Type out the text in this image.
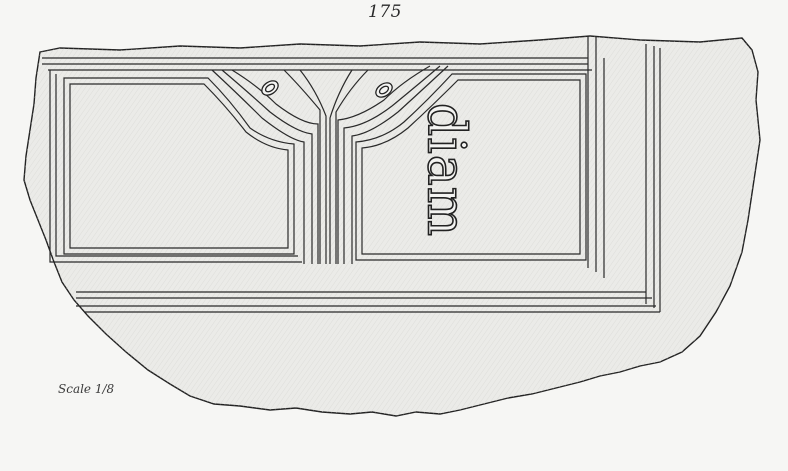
175
diam
Scale 1/8
